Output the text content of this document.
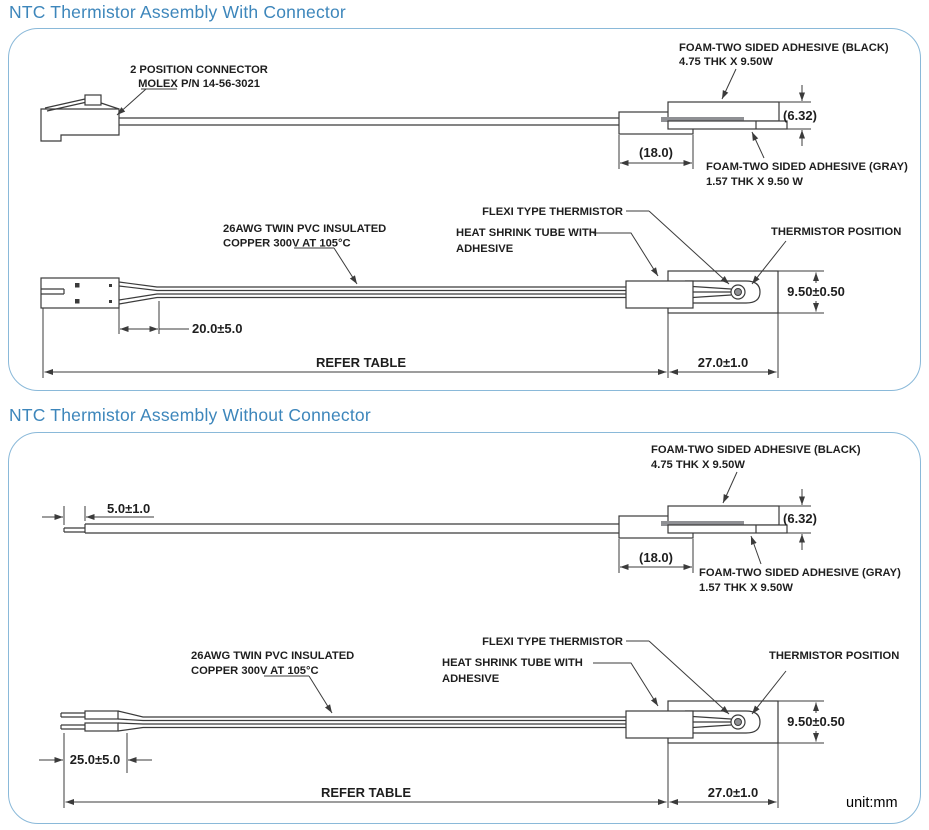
NTC Thermistor Assembly With Connector
2 POSITION CONNECTOR
MOLEX P/N 14-56-3021
FOAM-TWO SIDED ADHESIVE (BLACK)
4.75 THK X 9.50W
FOAM-TWO SIDED ADHESIVE (GRAY)
1.57 THK X 9.50 W
(6.32)
(18.0)
20.0±5.0
26AWG TWIN PVC INSULATED
COPPER 300V AT 105°C
FLEXI TYPE THERMISTOR
HEAT SHRINK TUBE WITH
ADHESIVE
THERMISTOR POSITION
9.50±0.50
REFER TABLE	27.0±1.0
NTC Thermistor Assembly Without Connector
5.0±1.0
FOAM-TWO SIDED ADHESIVE (BLACK)
4.75 THK X 9.50W
FOAM-TWO SIDED ADHESIVE (GRAY)
1.57 THK X 9.50W
(6.32)
(18.0)
25.0±5.0
26AWG TWIN PVC INSULATED
COPPER 300V AT 105°C
FLEXI TYPE THERMISTOR
HEAT SHRINK TUBE WITH
ADHESIVE
THERMISTOR POSITION
9.50±0.50
REFER TABLE	27.0±1.0
unit:mm
